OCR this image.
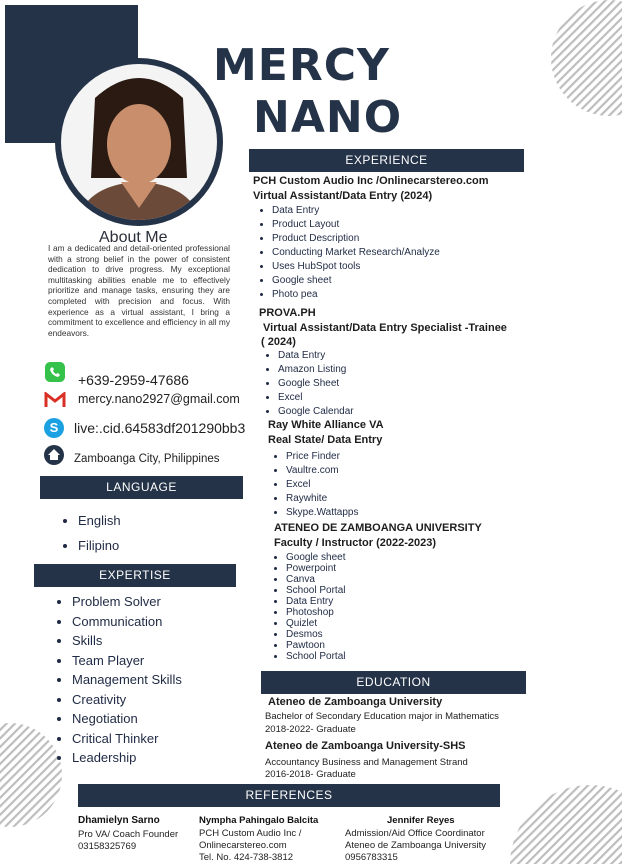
MERCY
NANO
About Me
I am a dedicated and detail-oriented professional with a strong belief in the power of consistent dedication to drive progress. My exceptional multitasking abilities enable me to effectively prioritize and manage tasks, ensuring they are completed with precision and focus. With experience as a virtual assistant, I bring a commitment to excellence and efficiency in all my endeavors.
+639-2959-47686
mercy.nano2927@gmail.com
S	live:.cid.64583df201290bb3
Zamboanga City, Philippines
LANGUAGE
• English
• Filipino
EXPERTISE
• Problem Solver
• Communication
• Skills
• Team Player
• Management Skills
• Creativity
• Negotiation
• Critical Thinker
• Leadership
EXPERIENCE
PCH Custom Audio Inc /Onlinecarstereo.com
Virtual Assistant/Data Entry (2024)
• Data Entry
• Product Layout
• Product Description
• Conducting Market Research/Analyze
• Uses HubSpot tools
• Google sheet
• Photo pea
PROVA.PH
Virtual Assistant/Data Entry Specialist -Trainee
( 2024)
• Data Entry
• Amazon Listing
• Google Sheet
• Excel
• Google Calendar
Ray White Alliance VA
Real State/ Data Entry
• Price Finder
• Vaultre.com
• Excel
• Raywhite
• Skype.Wattapps
ATENEO DE ZAMBOANGA UNIVERSITY
Faculty / Instructor (2022-2023)
• Google sheet
• Powerpoint
• Canva
• School Portal
• Data Entry
• Photoshop
• Quizlet
• Desmos
• Pawtoon
• School Portal
EDUCATION
Ateneo de Zamboanga University
Bachelor of Secondary Education major in Mathematics
2018-2022- Graduate
Ateneo de Zamboanga University-SHS
Accountancy Business and Management Strand
2016-2018- Graduate
REFERENCES
Dhamielyn Sarno
Pro VA/ Coach Founder
03158325769
Nympha Pahingalo Balcita
PCH Custom Audio Inc /
Onlinecarstereo.com
Tel. No. 424-738-3812
Jennifer Reyes
Admission/Aid Office Coordinator
Ateneo de Zamboanga University
0956783315
